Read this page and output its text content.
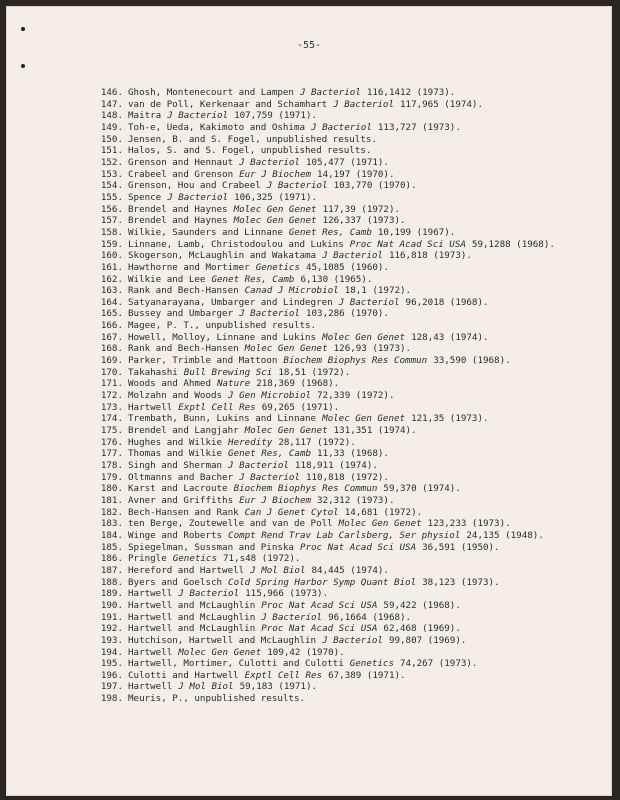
-55-
146. Ghosh, Montenecourt and Lampen J Bacteriol 116,1412 (1973).
147. van de Poll, Kerkenaar and Schamhart J Bacteriol 117,965 (1974).
148. Maitra J Bacteriol 107,759 (1971).
149. Toh-e, Ueda, Kakimoto and Oshima J Bacteriol 113,727 (1973).
150. Jensen, B. and S. Fogel, unpublished results.
151. Halos, S. and S. Fogel, unpublished results.
152. Grenson and Hennaut J Bacteriol 105,477 (1971).
153. Crabeel and Grenson Eur J Biochem 14,197 (1970).
154. Grenson, Hou and Crabeel J Bacteriol 103,770 (1970).
155. Spence J Bacteriol 106,325 (1971).
156. Brendel and Haynes Molec Gen Genet 117,39 (1972).
157. Brendel and Haynes Molec Gen Genet 126,337 (1973).
158. Wilkie, Saunders and Linnane Genet Res, Camb 10,199 (1967).
159. Linnane, Lamb, Christodoulou and Lukins Proc Nat Acad Sci USA 59,1288 (1968).
160. Skogerson, McLaughlin and Wakatama J Bacteriol 116,818 (1973).
161. Hawthorne and Mortimer Genetics 45,1085 (1960).
162. Wilkie and Lee Genet Res, Camb 6,130 (1965).
163. Rank and Bech-Hansen Canad J Microbiol 18,1 (1972).
164. Satyanarayana, Umbarger and Lindegren J Bacteriol 96,2018 (1968).
165. Bussey and Umbarger J Bacteriol 103,286 (1970).
166. Magee, P. T., unpublished results.
167. Howell, Molloy, Linnane and Lukins Molec Gen Genet 128,43 (1974).
168. Rank and Bech-Hansen Molec Gen Genet 126,93 (1973).
169. Parker, Trimble and Mattoon Biochem Biophys Res Commun 33,590 (1968).
170. Takahashi Bull Brewing Sci 18,51 (1972).
171. Woods and Ahmed Nature 218,369 (1968).
172. Molzahn and Woods J Gen Microbiol 72,339 (1972).
173. Hartwell Exptl Cell Res 69,265 (1971).
174. Trembath, Bunn, Lukins and Linnane Molec Gen Genet 121,35 (1973).
175. Brendel and Langjahr Molec Gen Genet 131,351 (1974).
176. Hughes and Wilkie Heredity 28,117 (1972).
177. Thomas and Wilkie Genet Res, Camb 11,33 (1968).
178. Singh and Sherman J Bacteriol 118,911 (1974).
179. Oltmanns and Bacher J Bacteriol 110,818 (1972).
180. Karst and Lacroute Biochem Biophys Res Commun 59,370 (1974).
181. Avner and Griffiths Eur J Biochem 32,312 (1973).
182. Bech-Hansen and Rank Can J Genet Cytol 14,681 (1972).
183. ten Berge, Zoutewelle and van de Poll Molec Gen Genet 123,233 (1973).
184. Winge and Roberts Compt Rend Trav Lab Carlsberg, Ser physiol 24,135 (1948).
185. Spiegelman, Sussman and Pinska Proc Nat Acad Sci USA 36,591 (1950).
186. Pringle Genetics 71,s48 (1972).
187. Hereford and Hartwell J Mol Biol 84,445 (1974).
188. Byers and Goelsch Cold Spring Harbor Symp Quant Biol 38,123 (1973).
189. Hartwell J Bacteriol 115,966 (1973).
190. Hartwell and McLaughlin Proc Nat Acad Sci USA 59,422 (1968).
191. Hartwell and McLaughlin J Bacteriol 96,1664 (1968).
192. Hartwell and McLaughlin Proc Nat Acad Sci USA 62,468 (1969).
193. Hutchison, Hartwell and McLaughlin J Bacteriol 99,807 (1969).
194. Hartwell Molec Gen Genet 109,42 (1970).
195. Hartwell, Mortimer, Culotti and Culotti Genetics 74,267 (1973).
196. Culotti and Hartwell Exptl Cell Res 67,389 (1971).
197. Hartwell J Mol Biol 59,183 (1971).
198. Meuris, P., unpublished results.
